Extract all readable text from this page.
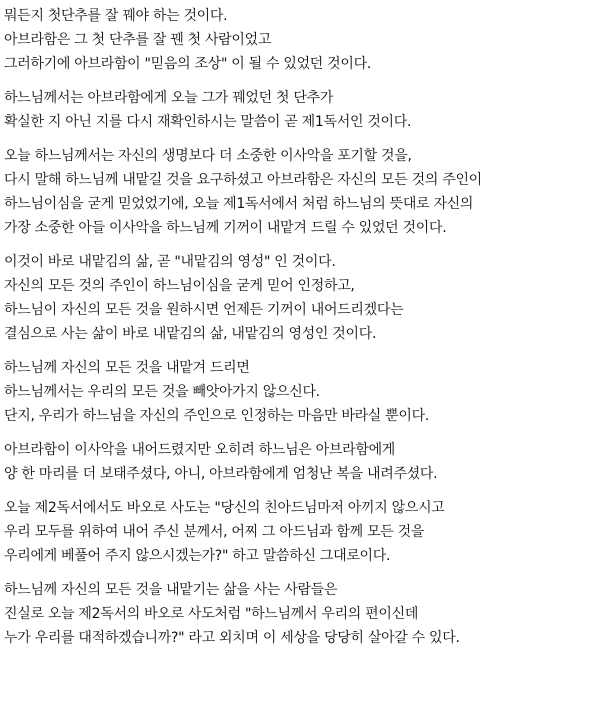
뭐든지 첫단추를 잘 꿰야 하는 것이다.
아브라함은 그 첫 단추를 잘 꿴 첫 사람이었고
그러하기에 아브라함이 "믿음의 조상" 이 될 수 있었던 것이다.
하느님께서는 아브라함에게 오늘 그가 꿰었던 첫 단추가
확실한 지 아닌 지를 다시 재확인하시는 말씀이 곧 제1독서인 것이다.
오늘 하느님께서는 자신의 생명보다 더 소중한 이사악을 포기할 것을,
다시 말해 하느님께 내맡길 것을 요구하셨고 아브라함은 자신의 모든 것의 주인이
하느님이심을 굳게 믿었었기에, 오늘 제1독서에서 처럼 하느님의 뜻대로 자신의
가장 소중한 아들 이사악을 하느님께 기꺼이 내맡겨 드릴 수 있었던 것이다.
이것이 바로 내맡김의 삶, 곧 "내맡김의 영성" 인 것이다.
자신의 모든 것의 주인이 하느님이심을 굳게 믿어 인정하고,
하느님이 자신의 모든 것을 원하시면 언제든 기꺼이 내어드리겠다는
결심으로 사는 삶이 바로 내맡김의 삶, 내맡김의 영성인 것이다.
하느님께 자신의 모든 것을 내맡겨 드리면
하느님께서는 우리의 모든 것을 빼앗아가지 않으신다.
단지, 우리가 하느님을 자신의 주인으로 인정하는 마음만 바라실 뿐이다.
아브라함이 이사악을 내어드렸지만 오히려 하느님은 아브라함에게
양 한 마리를 더 보태주셨다, 아니, 아브라함에게 엄청난 복을 내려주셨다.
오늘 제2독서에서도 바오로 사도는 "당신의 친아드님마저 아끼지 않으시고
우리 모두를 위하여 내어 주신 분께서, 어찌 그 아드님과 함께 모든 것을
우리에게 베풀어 주지 않으시겠는가?" 하고 말씀하신 그대로이다.
하느님께 자신의 모든 것을 내맡기는 삶을 사는 사람들은
진실로 오늘 제2독서의 바오로 사도처럼 "하느님께서 우리의 편이신데
누가 우리를 대적하겠습니까?" 라고 외치며 이 세상을 당당히 살아갈 수 있다.
